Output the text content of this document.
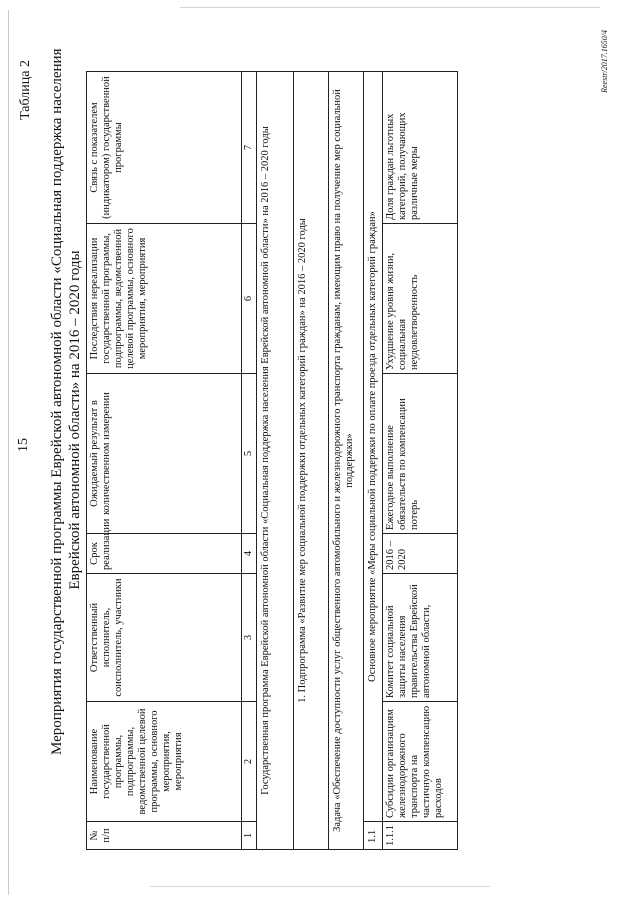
15
Таблица 2 Мероприятия государственной программы Еврейской автономной области «Социальная поддержка населения Еврейской автономной области» на 2016 – 2020 годы
№ п/п	Наименование государственной программы, подпрограммы, ведомственной целевой программы, основного мероприятия, мероприятия	Ответственный исполнитель, соисполнитель, участники	Срок реализации	Ожидаемый результат в количественном измерении	Последствия нереализации государственной программы, подпрограммы, ведомственной целевой программы, основного мероприятия, мероприятия	Связь с показателем (индикатором) государственной программы
1	2	3	4	5	6	7
Государственная программа Еврейской автономной области «Социальная поддержка населения Еврейской автономной области» на 2016 – 2020 годы						
1. Подпрограмма «Развитие мер социальной поддержки отдельных категорий граждан» на 2016 – 2020 годы						
Задача «Обеспечение доступности услуг общественного автомобильного и железнодорожного транспорта гражданам, имеющим право на получение мер социальной поддержки»						
1.1	Основное мероприятие «Меры социальной поддержки по оплате проезда отдельных категорий граждан»					
1.1.1	Субсидии организациям железнодорожного транспорта на частичную компенсацию расходов	Комитет социальной защиты населения правительства Еврейской автономной области,	2016 – 2020	Ежегодное выполнение обязательств по компенсации потерь	Ухудшение уровня жизни, социальная неудовлетворенность	Доля граждан льготных категорий, получающих различные меры
Reestr/2017.1650/4
